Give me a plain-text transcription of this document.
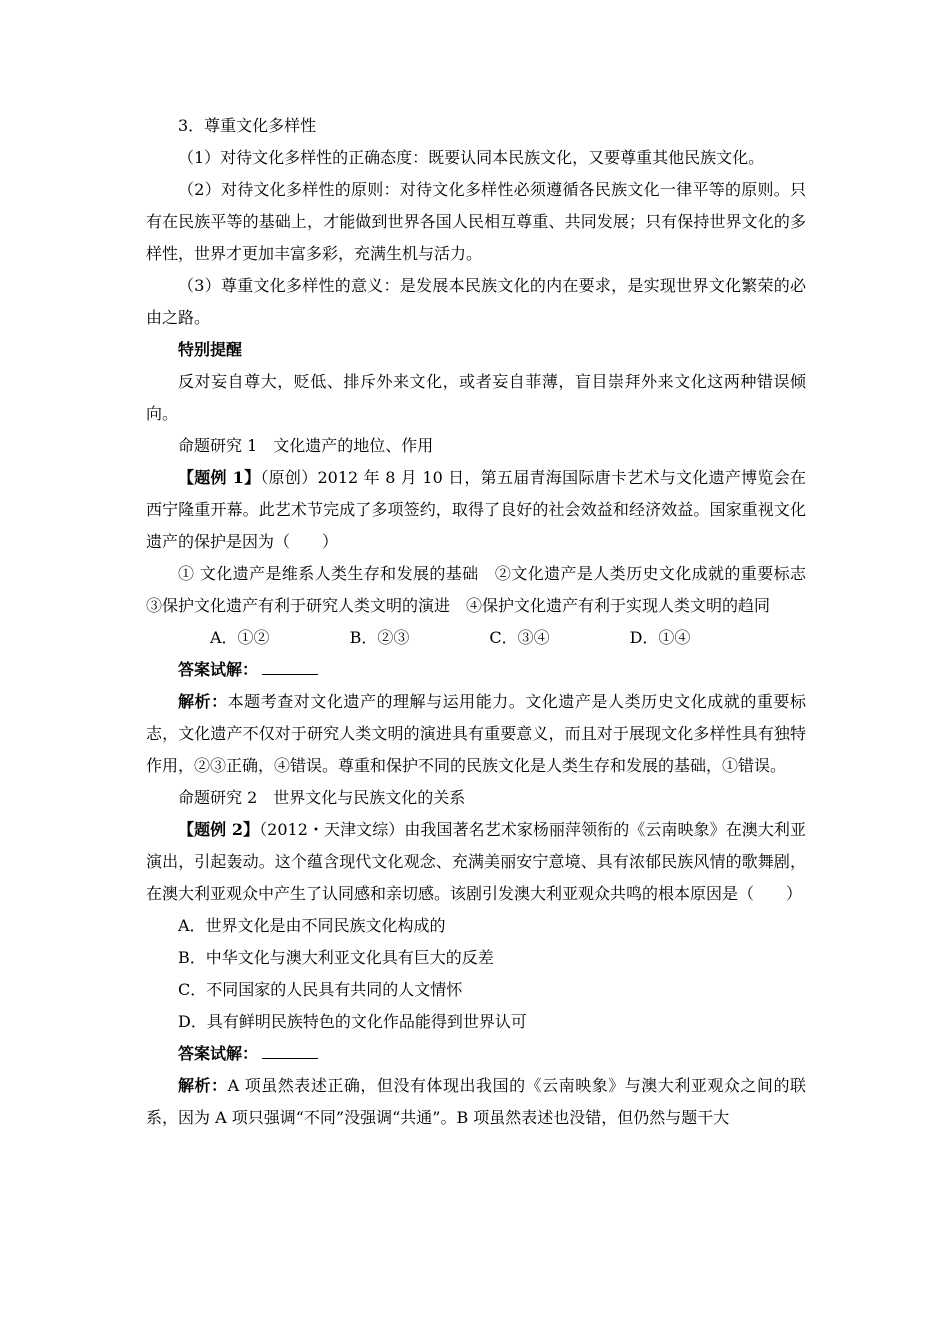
3．尊重文化多样性

（1）对待文化多样性的正确态度：既要认同本民族文化，又要尊重其他民族文化。

（2）对待文化多样性的原则：对待文化多样性必须遵循各民族文化一律平等的原则。只有在民族平等的基础上，才能做到世界各国人民相互尊重、共同发展；只有保持世界文化的多样性，世界才更加丰富多彩，充满生机与活力。

（3）尊重文化多样性的意义：是发展本民族文化的内在要求，是实现世界文化繁荣的必由之路。

特别提醒

反对妄自尊大，贬低、排斥外来文化，或者妄自菲薄，盲目崇拜外来文化这两种错误倾向。

命题研究 1　文化遗产的地位、作用

【题例 1】（原创）2012 年 8 月 10 日，第五届青海国际唐卡艺术与文化遗产博览会在西宁隆重开幕。此艺术节完成了多项签约，取得了良好的社会效益和经济效益。国家重视文化遗产的保护是因为（　　）

① 文化遗产是维系人类生存和发展的基础　②文化遗产是人类历史文化成就的重要标志　③保护文化遗产有利于研究人类文明的演进　④保护文化遗产有利于实现人类文明的趋同

A．①②	B．②③	C．③④	D．①④

答案试解：

解析：本题考查对文化遗产的理解与运用能力。文化遗产是人类历史文化成就的重要标志，文化遗产不仅对于研究人类文明的演进具有重要意义，而且对于展现文化多样性具有独特作用，②③正确，④错误。尊重和保护不同的民族文化是人类生存和发展的基础，①错误。

命题研究 2　世界文化与民族文化的关系

【题例 2】（2012・天津文综）由我国著名艺术家杨丽萍领衔的《云南映象》在澳大利亚演出，引起轰动。这个蕴含现代文化观念、充满美丽安宁意境、具有浓郁民族风情的歌舞剧，在澳大利亚观众中产生了认同感和亲切感。该剧引发澳大利亚观众共鸣的根本原因是（　　）

A．世界文化是由不同民族文化构成的

B．中华文化与澳大利亚文化具有巨大的反差

C．不同国家的人民具有共同的人文情怀

D．具有鲜明民族特色的文化作品能得到世界认可

答案试解：

解析：A 项虽然表述正确，但没有体现出我国的《云南映象》与澳大利亚观众之间的联系，因为 A 项只强调“不同”没强调“共通”。B 项虽然表述也没错，但仍然与题干大
